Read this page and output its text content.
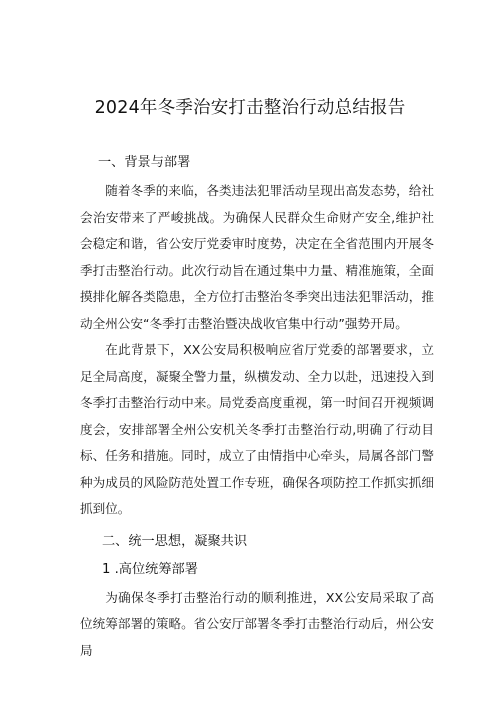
2024年冬季治安打击整治行动总结报告
一、背景与部署

随着冬季的来临，各类违法犯罪活动呈现出高发态势，给社会治安带来了严峻挑战。为确保人民群众生命财产安全,维护社会稳定和谐，省公安厅党委审时度势，决定在全省范围内开展冬季打击整治行动。此次行动旨在通过集中力量、精准施策，全面摸排化解各类隐患，全方位打击整治冬季突出违法犯罪活动，推动全州公安“冬季打击整治暨决战收官集中行动”强势开局。

在此背景下，XX公安局积极响应省厅党委的部署要求，立足全局高度，凝聚全警力量，纵横发动、全力以赴，迅速投入到冬季打击整治行动中来。局党委高度重视，第一时间召开视频调度会，安排部署全州公安机关冬季打击整治行动,明确了行动目标、任务和措施。同时，成立了由情指中心牵头，局属各部门警种为成员的风险防范处置工作专班，确保各项防控工作抓实抓细抓到位。

二、统一思想，凝聚共识
1 .高位统筹部署

为确保冬季打击整治行动的顺利推进，XX公安局采取了高位统筹部署的策略。省公安厅部署冬季打击整治行动后，州公安局
